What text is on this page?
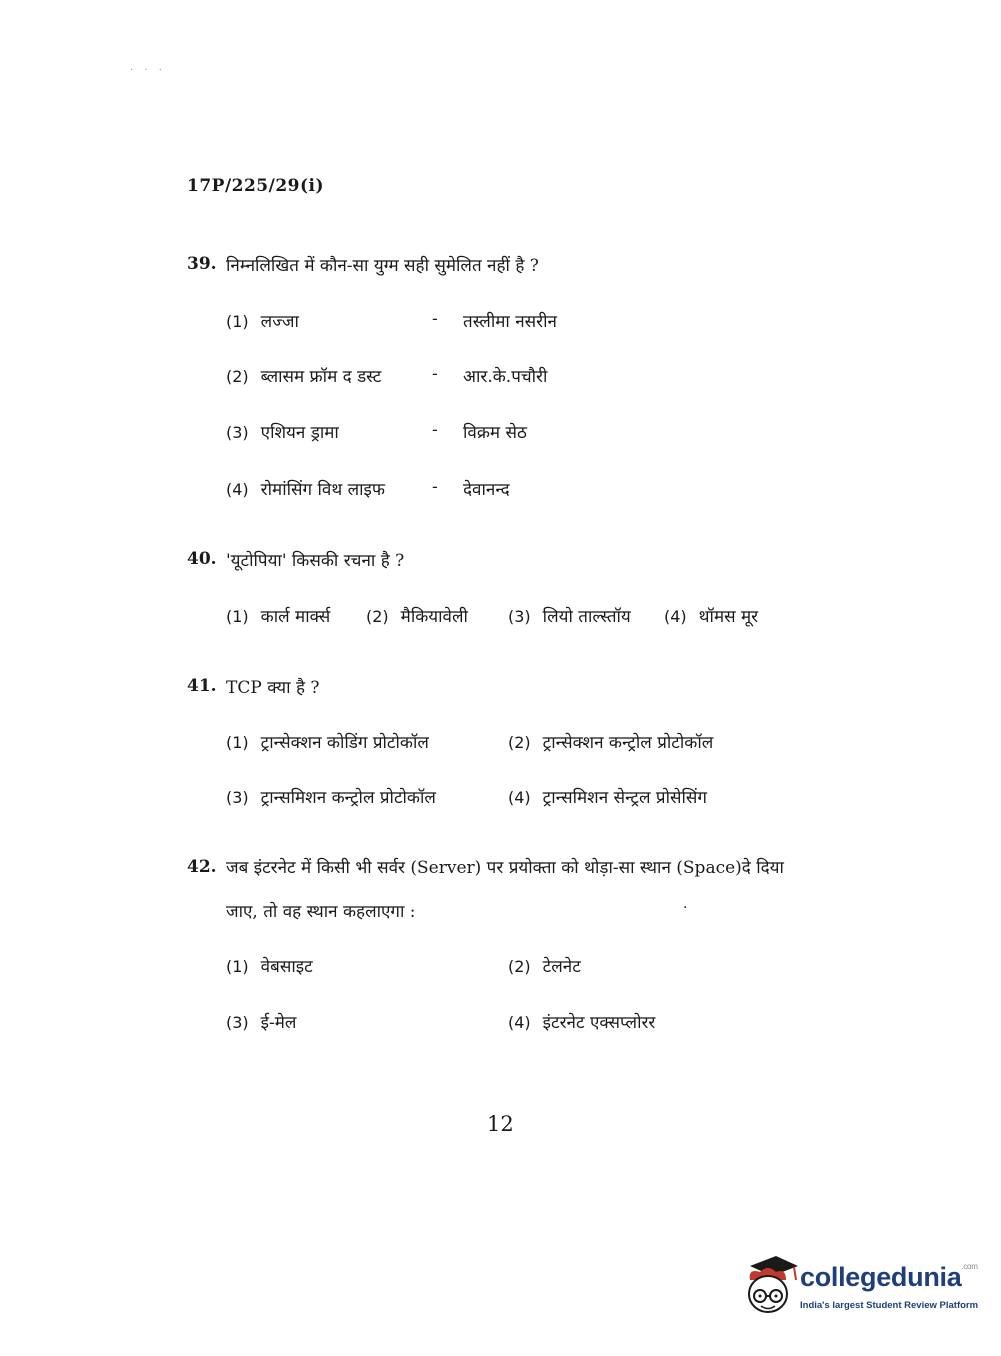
· · ·
17P/225/29(i)
39. निम्नलिखित में कौन-सा युग्म सही सुमेलित नहीं है ?
(1) लज्जा	- तस्लीमा नसरीन
(2) ब्लासम फ्रॉम द डस्ट	- आर.के.पचौरी
(3) एशियन ड्रामा	- विक्रम सेठ
(4) रोमांसिंग विथ लाइफ	- देवानन्द
40. 'यूटोपिया' किसकी रचना है ?
(1) कार्ल मार्क्स (2) मैकियावेली	(3) लियो ताल्स्तॉय (4) थॉमस मूर
41. TCP क्या है ?
(1) ट्रान्सेक्शन कोडिंग प्रोटोकॉल	(2) ट्रान्सेक्शन कन्ट्रोल प्रोटोकॉल
(3) ट्रान्समिशन कन्ट्रोल प्रोटोकॉल	(4) ट्रान्समिशन सेन्ट्रल प्रोसेसिंग
42. जब इंटरनेट में किसी भी सर्वर (Server) पर प्रयोक्ता को थोड़ा-सा स्थान (Space)दे दिया
जाए, तो वह स्थान कहलाएगा :	·
(1) वेबसाइट	(2) टेलनेट
(3) ई-मेल	(4) इंटरनेट एक्सप्लोरर
12
collegedunia$^{.com}$
India's largest Student Review Platform
